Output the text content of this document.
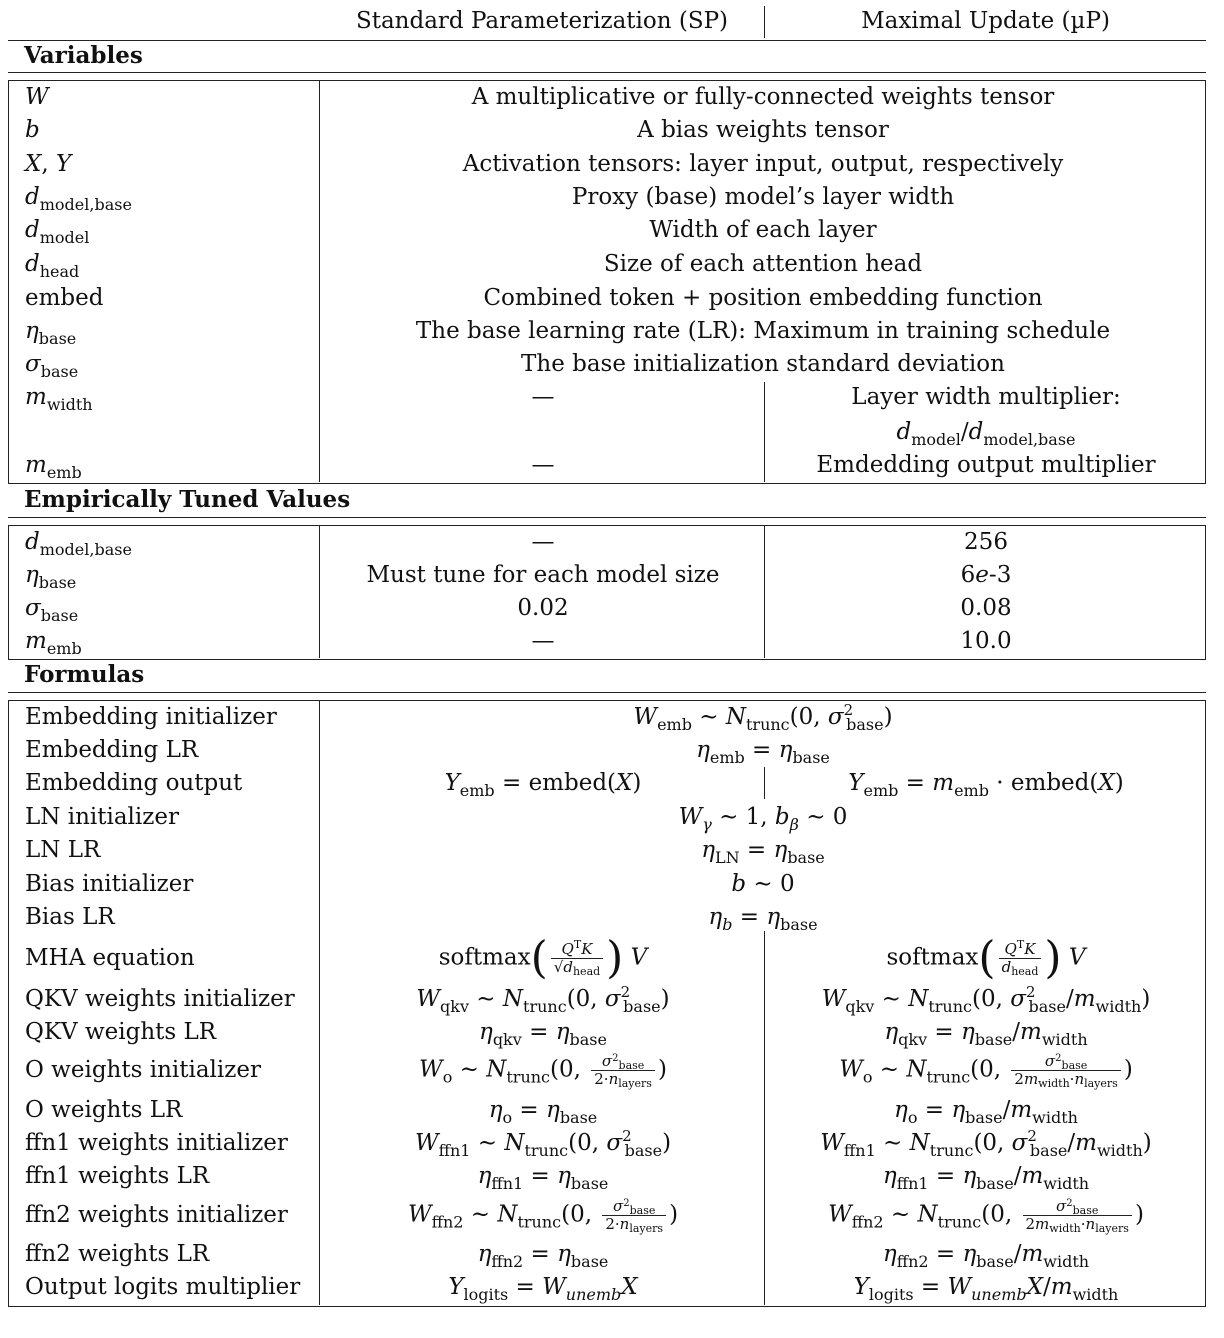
Standard Parameterization (SP)	Maximal Update (µP)
Variables
W	A multiplicative or fully-connected weights tensor
b	A bias weights tensor
X, Y	Activation tensors: layer input, output, respectively
$d_{model,base}$	Proxy (base) model’s layer width
$d_{model}$	Width of each layer
$d_{head}$	Size of each attention head
embed	Combined token + position embedding function
$\eta_{base}$	The base learning rate (LR): Maximum in training schedule
$\sigma_{base}$	The base initialization standard deviation
$m_{width}$	—	Layer width multiplier:
$d_{model}/d_{model,base}$
$m_{emb}$	—	Emdedding output multiplier
Empirically Tuned Values
$d_{model,base}$	—	256
$\eta_{base}$	Must tune for each model size	6e-3
$\sigma_{base}$	0.02	0.08
$m_{emb}$	—	10.0
Formulas
Embedding initializer	$W_{emb}$ ∼ $N_{trunc}(0$, $\sigma^2_{base}$)
Embedding LR	$\eta_{emb} = \eta_{base}$
Embedding output	$Y_{emb}$ = embed(X)	$Y_{emb} = m_{emb}$ · embed(X)
LN initializer	$W_\gamma$ ∼ 1, $b_\beta$ ∼ 0
LN LR	$\eta_{LN} = \eta_{base}$
Bias initializer	b ∼ 0
Bias LR	$\eta_b = \eta_{base}$
MHA equation	softmax( $\frac{Q^TK}{√d_{head}}$ ) V	softmax( $\frac{Q^TK}{d_{head}}$ ) V
QKV weights initializer	$W_{qkv}$ ∼ $N_{trunc}(0$, $\sigma^2_{base}$)	$W_{qkv}$ ∼ $N_{trunc}(0$, $\sigma^2_{base}/m_{width}$)
QKV weights LR	$\eta_{qkv} = \eta_{base}$	$\eta_{qkv} = \eta_{base}/m_{width}$
O weights initializer	$W_o$ ∼ $N_{trunc}(0$, $\frac{\sigma^2_{base}}{2\cdot n_{layers}}$ )	$W_o$ ∼ $N_{trunc}(0$, $\frac{\sigma^2_{base}}{2m_{width}\cdot n_{layers}}$ )
O weights LR	$\eta_o = \eta_{base}$	$\eta_o = \eta_{base}/m_{width}$
ffn1 weights initializer	$W_{ffn1}$ ∼ $N_{trunc}(0$, $\sigma^2_{base}$)	$W_{ffn1}$ ∼ $N_{trunc}(0$, $\sigma^2_{base}/m_{width}$)
ffn1 weights LR	$\eta_{ffn1} = \eta_{base}$	$\eta_{ffn1} = \eta_{base}/m_{width}$
ffn2 weights initializer	$W_{ffn2}$ ∼ $N_{trunc}(0$, $\frac{\sigma^2_{base}}{2\cdot n_{layers}}$ )	$W_{ffn2}$ ∼ $N_{trunc}(0$, $\frac{\sigma^2_{base}}{2m_{width}\cdot n_{layers}}$ )
ffn2 weights LR	$\eta_{ffn2} = \eta_{base}$	$\eta_{ffn2} = \eta_{base}/m_{width}$
Output logits multiplier	$Y_{logits} = W_{unemb}X$	$Y_{logits} = W_{unemb}X/m_{width}$
